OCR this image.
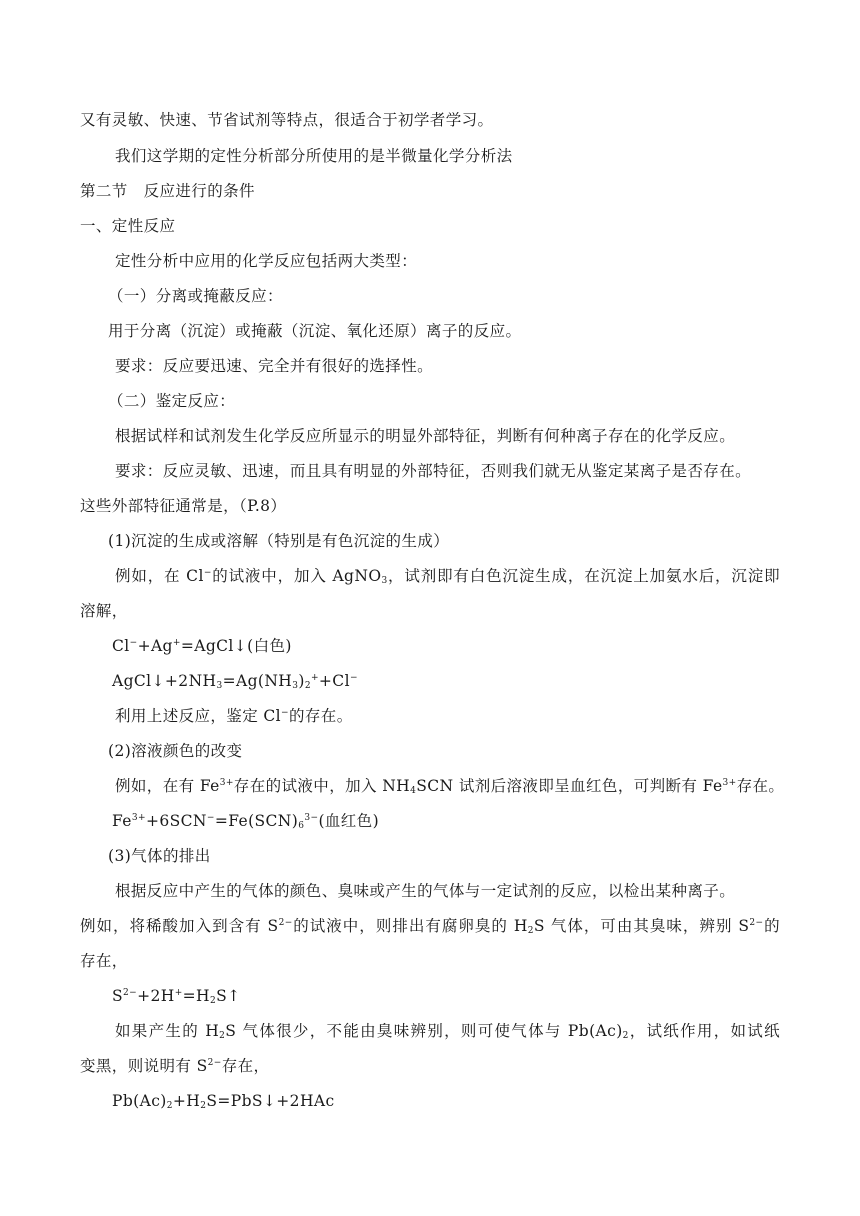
又有灵敏、快速、节省试剂等特点，很适合于初学者学习。
我们这学期的定性分析部分所使用的是半微量化学分析法
第二节　反应进行的条件
一、定性反应
定性分析中应用的化学反应包括两大类型：
（一）分离或掩蔽反应：
用于分离（沉淀）或掩蔽（沉淀、氧化还原）离子的反应。
要求：反应要迅速、完全并有很好的选择性。
（二）鉴定反应：
根据试样和试剂发生化学反应所显示的明显外部特征，判断有何种离子存在的化学反应。
要求：反应灵敏、迅速，而且具有明显的外部特征，否则我们就无从鉴定某离子是否存在。
这些外部特征通常是，（P.8）
(1)沉淀的生成或溶解（特别是有色沉淀的生成）
例如，在 Cl−的试液中，加入 AgNO$_3$，试剂即有白色沉淀生成，在沉淀上加氨水后，沉淀即
溶解，
Cl−+Ag+=AgCl↓(白色)
$AgCl↓+2NH_3=Ag(NH_3)_2^++Cl^-$
利用上述反应，鉴定 Cl−的存在。
(2)溶液颜色的改变
例如，在有 $Fe^{3+}$存在的试液中，加入 $NH_4SCN$ 试剂后溶液即呈血红色，可判断有 $Fe^{3+}$存在。
$Fe^{3+}+6SCN^-=Fe(SCN)_6^{3-}$(血红色)
(3)气体的排出
根据反应中产生的气体的颜色、臭味或产生的气体与一定试剂的反应，以检出某种离子。
例如，将稀酸加入到含有 $S^{2-}$的试液中，则排出有腐卵臭的 $H_2S$ 气体，可由其臭味，辨别 $S^{2-}$的
存在，
$S^{2-}+2H^+=H_2S↑$
如果产生的 $H_2S$ 气体很少，不能由臭味辨别，则可使气体与 $Pb(Ac)_2$，试纸作用，如试纸
变黑，则说明有 $S^{2-}$存在，
$Pb(Ac)_2+H_2S=PbS↓+2HAc$
